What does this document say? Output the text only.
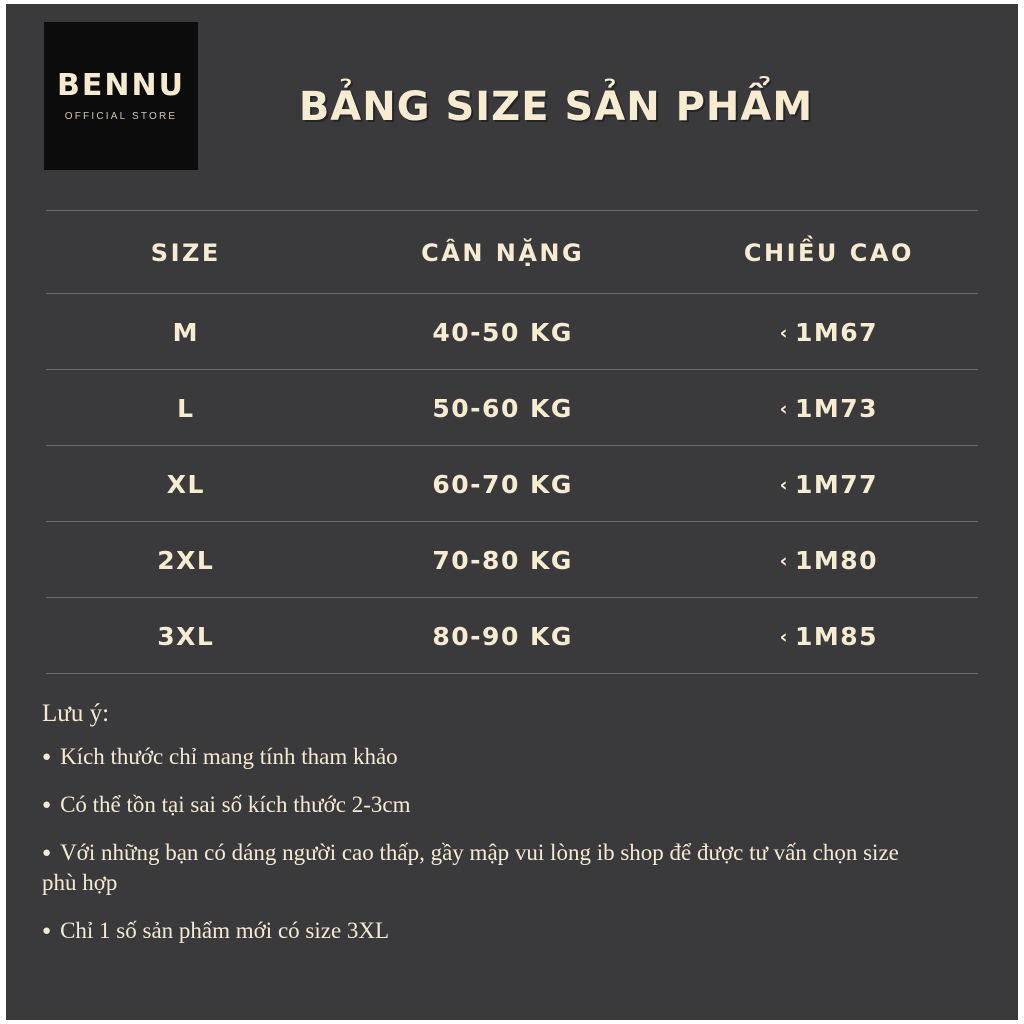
BENNU
OFFICIAL STORE	BẢNG SIZE SẢN PHẨM
SIZE	CÂN NẶNG	CHIỀU CAO
M	40-50 KG	‹ 1M67
L	50-60 KG	‹ 1M73
XL	60-70 KG	‹ 1M77
2XL	70-80 KG	‹ 1M80
3XL	80-90 KG	‹ 1M85
Lưu ý:
● Kích thước chỉ mang tính tham khảo
● Có thể tồn tại sai số kích thước 2-3cm
● Với những bạn có dáng người cao thấp, gầy mập vui lòng ib shop để được tư vấn chọn size phù hợp
● Chỉ 1 số sản phẩm mới có size 3XL
